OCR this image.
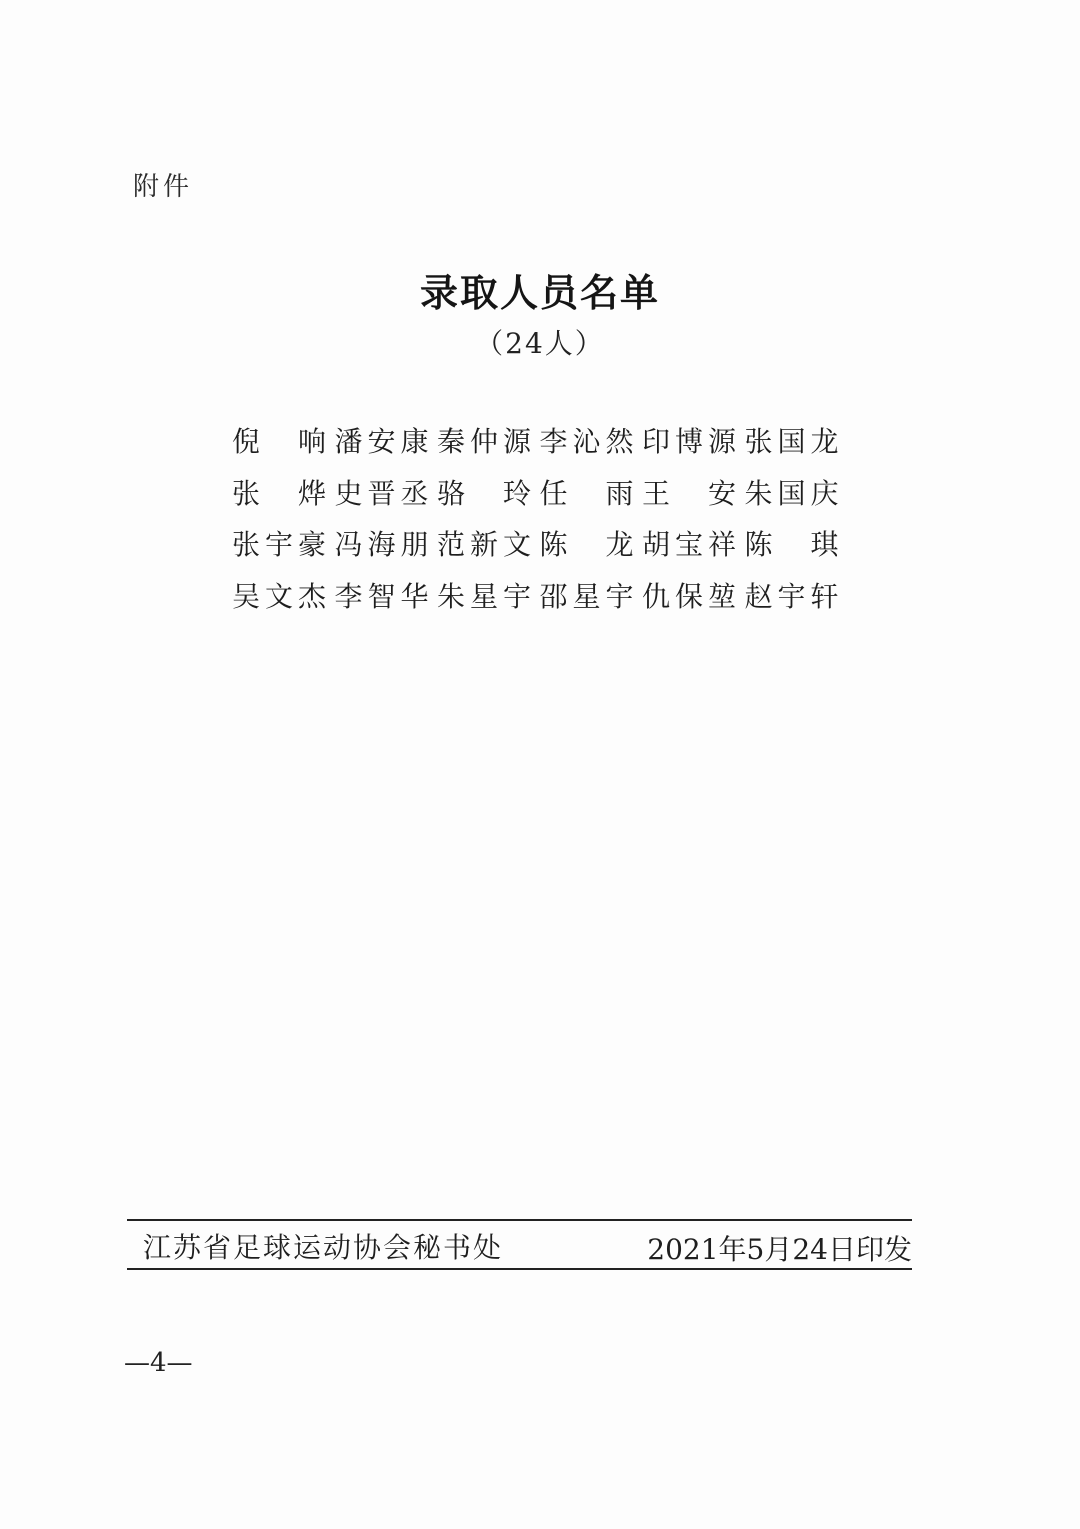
附件
录取人员名单
（24人）
倪 响 潘 安 康 秦 仲 源 李 沁 然 印 博 源 张 国 龙
张 烨 史 晋 丞 骆 玲 任 雨 王 安 朱 国 庆
张 宇 豪 冯 海 朋 范 新 文 陈 龙 胡 宝 祥 陈 琪
吴 文 杰 李 智 华 朱 星 宇 邵 星 宇 仇 保 堃 赵 宇 轩
江苏省足球运动协会秘书处	2021年5月24日印发
—4—
